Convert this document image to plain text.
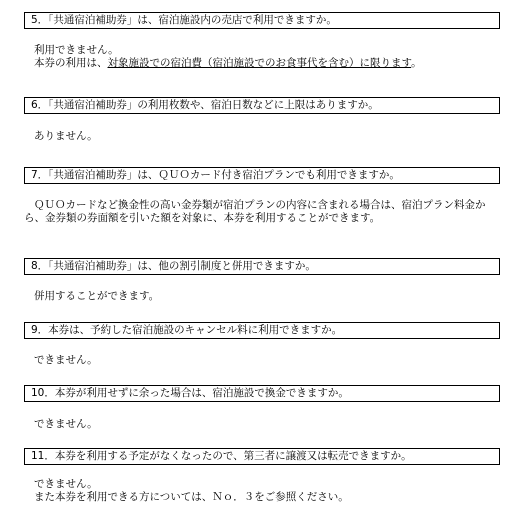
5．「共通宿泊補助券」は、宿泊施設内の売店で利用できますか。
利用できません。
本券の利用は、対象施設での宿泊費（宿泊施設でのお食事代を含む）に限ります。
6．「共通宿泊補助券」の利用枚数や、宿泊日数などに上限はありますか。
ありません。
7．「共通宿泊補助券」は、ＱＵＯカード付き宿泊プランでも利用できますか。
ＱＵＯカードなど換金性の高い金券類が宿泊プランの内容に含まれる場合は、宿泊プラン料金から、金券類の券面額を引いた額を対象に、本券を利用することができます。
8．「共通宿泊補助券」は、他の割引制度と併用できますか。
併用することができます。
9．本券は、予約した宿泊施設のキャンセル料に利用できますか。
できません。
10．本券が利用せずに余った場合は、宿泊施設で換金できますか。
できません。
11．本券を利用する予定がなくなったので、第三者に譲渡又は転売できますか。
できません。
また本券を利用できる方については、Ｎｏ．３をご参照ください。
